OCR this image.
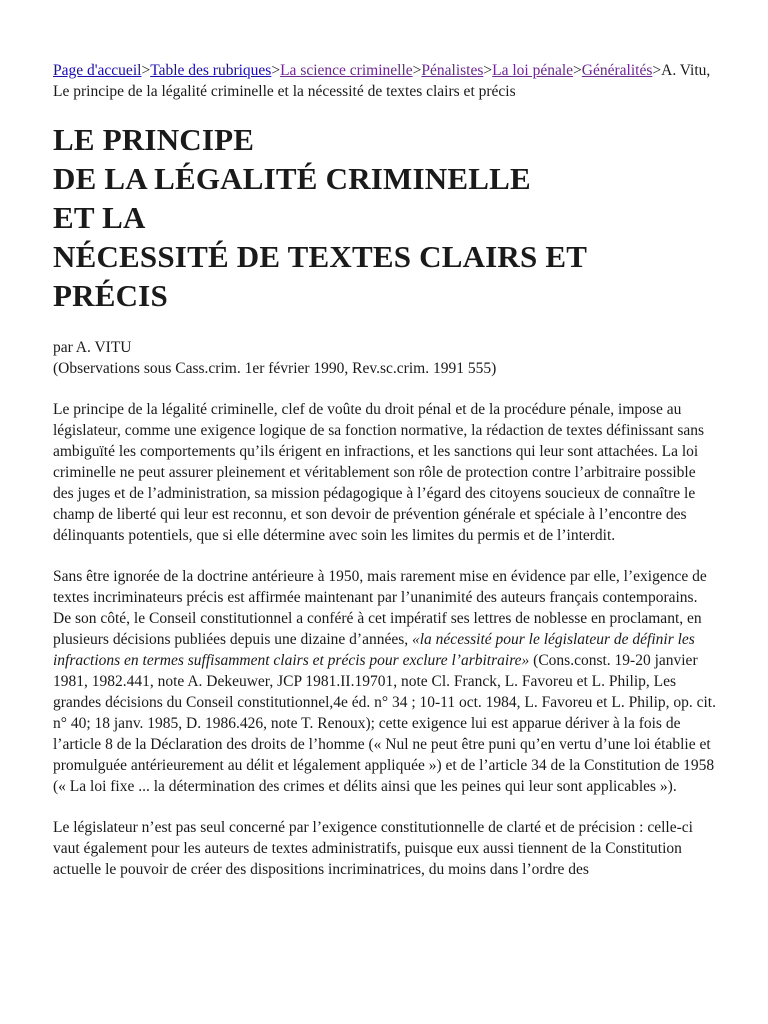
Page d'accueil>Table des rubriques>La science criminelle>Pénalistes>La loi pénale>Généralités>A. Vitu, Le principe de la légalité criminelle et la nécessité de textes clairs et précis
LE PRINCIPE
DE LA LÉGALITÉ CRIMINELLE
ET LA
NÉCESSITÉ DE TEXTES CLAIRS ET
PRÉCIS
par A. VITU
(Observations sous Cass.crim. 1er février 1990, Rev.sc.crim. 1991 555)

Le principe de la légalité criminelle, clef de voûte du droit pénal et de la procédure pénale, impose au législateur, comme une exigence logique de sa fonction normative, la rédaction de textes définissant sans ambiguïté les comportements qu’ils érigent en infractions, et les sanctions qui leur sont attachées. La loi criminelle ne peut assurer pleinement et véritablement son rôle de protection contre l’arbitraire possible des juges et de l’administration, sa mission pédagogique à l’égard des citoyens soucieux de connaître le champ de liberté qui leur est reconnu, et son devoir de prévention générale et spéciale à l’encontre des délinquants potentiels, que si elle détermine avec soin les limites du permis et de l’interdit.

Sans être ignorée de la doctrine antérieure à 1950, mais rarement mise en évidence par elle, l’exigence de textes incriminateurs précis est affirmée maintenant par l’unanimité des auteurs français contemporains. De son côté, le Conseil constitutionnel a conféré à cet impératif ses lettres de noblesse en proclamant, en plusieurs décisions publiées depuis une dizaine d’années, «la nécessité pour le législateur de définir les infractions en termes suffisamment clairs et précis pour exclure l’arbitraire» (Cons.const. 19-20 janvier 1981, 1982.441, note A. Dekeuwer, JCP 1981.II.19701, note Cl. Franck, L. Favoreu et L. Philip, Les grandes décisions du Conseil constitutionnel,4e éd. n° 34 ; 10-11 oct. 1984, L. Favoreu et L. Philip, op. cit. n° 40; 18 janv. 1985, D. 1986.426, note T. Renoux); cette exigence lui est apparue dériver à la fois de l’article 8 de la Déclaration des droits de l’homme (« Nul ne peut être puni qu’en vertu d’une loi établie et promulguée antérieurement au délit et légalement appliquée ») et de l’article 34 de la Constitution de 1958 (« La loi fixe ... la détermination des crimes et délits ainsi que les peines qui leur sont applicables »).

Le législateur n’est pas seul concerné par l’exigence constitutionnelle de clarté et de précision : celle-ci vaut également pour les auteurs de textes administratifs, puisque eux aussi tiennent de la Constitution actuelle le pouvoir de créer des dispositions incriminatrices, du moins dans l’ordre des
